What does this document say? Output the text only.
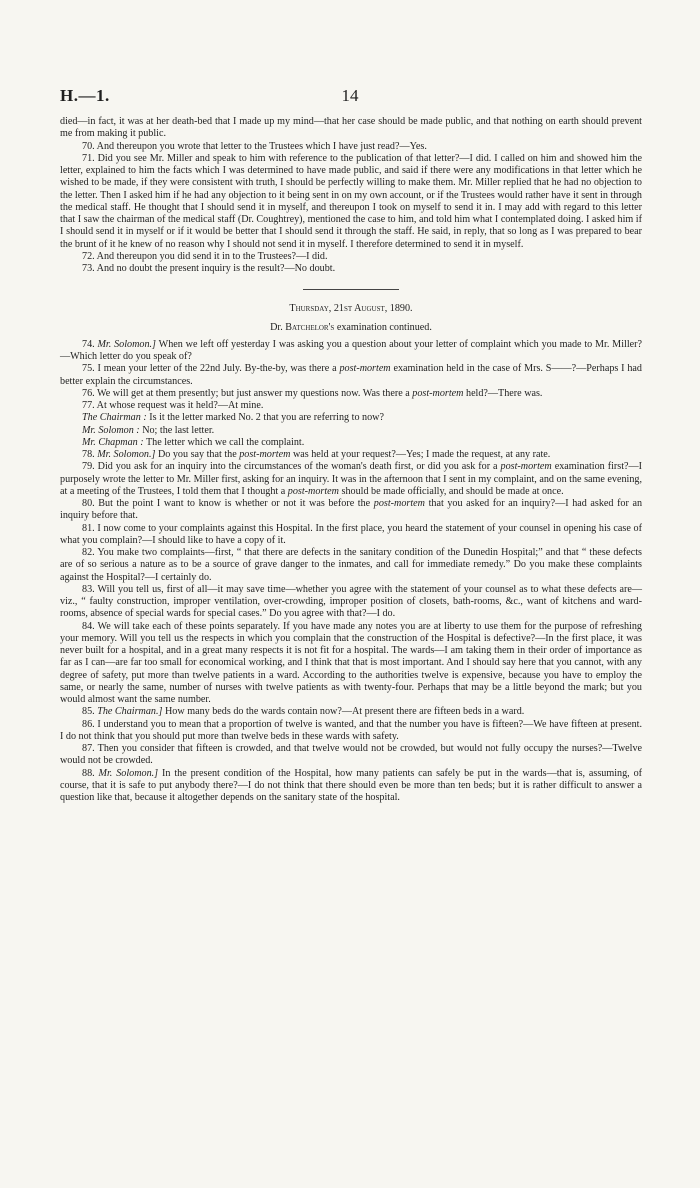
H.—1.	14

died—in fact, it was at her death-bed that I made up my mind—that her case should be made public, and that nothing on earth should prevent me from making it public.

70. And thereupon you wrote that letter to the Trustees which I have just read?—Yes.

71. Did you see Mr. Miller and speak to him with reference to the publication of that letter?—I did. I called on him and showed him the letter, explained to him the facts which I was determined to have made public, and said if there were any modifications in that letter which he wished to be made, if they were consistent with truth, I should be perfectly willing to make them. Mr. Miller replied that he had no objection to the letter. Then I asked him if he had any objection to it being sent in on my own account, or if the Trustees would rather have it sent in through the medical staff. He thought that I should send it in myself, and thereupon I took on myself to send it in. I may add with regard to this letter that I saw the chairman of the medical staff (Dr. Coughtrey), mentioned the case to him, and told him what I contemplated doing. I asked him if I should send it in myself or if it would be better that I should send it through the staff. He said, in reply, that so long as I was prepared to bear the brunt of it he knew of no reason why I should not send it in myself. I therefore determined to send it in myself.

72. And thereupon you did send it in to the Trustees?—I did.

73. And no doubt the present inquiry is the result?—No doubt.

Thursday, 21st August, 1890.

Dr. Batchelor's examination continued.

74. Mr. Solomon.] When we left off yesterday I was asking you a question about your letter of complaint which you made to Mr. Miller?—Which letter do you speak of?

75. I mean your letter of the 22nd July. By-the-by, was there a post-mortem examination held in the case of Mrs. S——?—Perhaps I had better explain the circumstances.

76. We will get at them presently; but just answer my questions now. Was there a post-mortem held?—There was.

77. At whose request was it held?—At mine.

The Chairman : Is it the letter marked No. 2 that you are referring to now?

Mr. Solomon : No; the last letter.

Mr. Chapman : The letter which we call the complaint.

78. Mr. Solomon.] Do you say that the post-mortem was held at your request?—Yes; I made the request, at any rate.

79. Did you ask for an inquiry into the circumstances of the woman's death first, or did you ask for a post-mortem examination first?—I purposely wrote the letter to Mr. Miller first, asking for an inquiry. It was in the afternoon that I sent in my complaint, and on the same evening, at a meeting of the Trustees, I told them that I thought a post-mortem should be made officially, and should be made at once.

80. But the point I want to know is whether or not it was before the post-mortem that you asked for an inquiry?—I had asked for an inquiry before that.

81. I now come to your complaints against this Hospital. In the first place, you heard the statement of your counsel in opening his case of what you complain?—I should like to have a copy of it.

82. You make two complaints—first, “ that there are defects in the sanitary condition of the Dunedin Hospital;” and that “ these defects are of so serious a nature as to be a source of grave danger to the inmates, and call for immediate remedy.” Do you make these complaints against the Hospital?—I certainly do.

83. Will you tell us, first of all—it may save time—whether you agree with the statement of your counsel as to what these defects are—viz., “ faulty construction, improper ventilation, over-crowding, improper position of closets, bath-rooms, &c., want of kitchens and ward-rooms, absence of special wards for special cases.” Do you agree with that?—I do.

84. We will take each of these points separately. If you have made any notes you are at liberty to use them for the purpose of refreshing your memory. Will you tell us the respects in which you complain that the construction of the Hospital is defective?—In the first place, it was never built for a hospital, and in a great many respects it is not fit for a hospital. The wards—I am taking them in their order of importance as far as I can—are far too small for economical working, and I think that that is most important. And I should say here that you cannot, with any degree of safety, put more than twelve patients in a ward. According to the authorities twelve is expensive, because you have to employ the same, or nearly the same, number of nurses with twelve patients as with twenty-four. Perhaps that may be a little beyond the mark; but you would almost want the same number.

85. The Chairman.] How many beds do the wards contain now?—At present there are fifteen beds in a ward.

86. I understand you to mean that a proportion of twelve is wanted, and that the number you have is fifteen?—We have fifteen at present. I do not think that you should put more than twelve beds in these wards with safety.

87. Then you consider that fifteen is crowded, and that twelve would not be crowded, but would not fully occupy the nurses?—Twelve would not be crowded.

88. Mr. Solomon.] In the present condition of the Hospital, how many patients can safely be put in the wards—that is, assuming, of course, that it is safe to put anybody there?—I do not think that there should even be more than ten beds; but it is rather difficult to answer a question like that, because it altogether depends on the sanitary state of the hospital.
